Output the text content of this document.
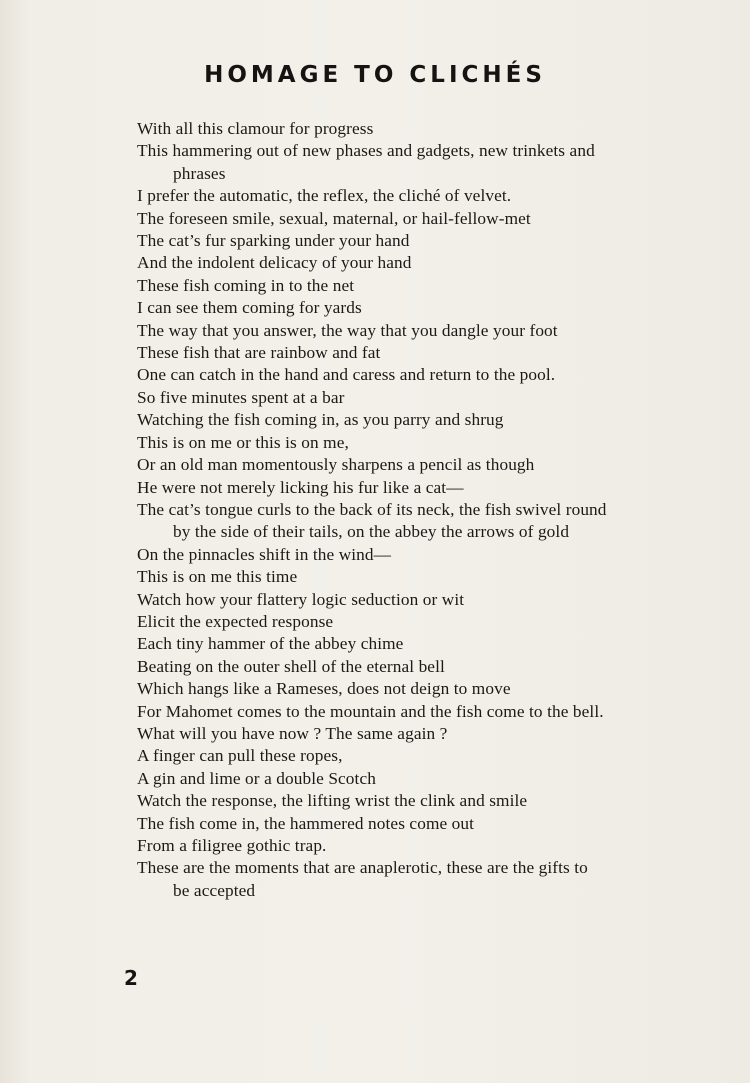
HOMAGE TO CLICHÉS
With all this clamour for progress
This hammering out of new phases and gadgets, new trinkets and
phrases
I prefer the automatic, the reflex, the cliché of velvet.
The foreseen smile, sexual, maternal, or hail-fellow-met
The cat’s fur sparking under your hand
And the indolent delicacy of your hand
These fish coming in to the net
I can see them coming for yards
The way that you answer, the way that you dangle your foot
These fish that are rainbow and fat
One can catch in the hand and caress and return to the pool.
So five minutes spent at a bar
Watching the fish coming in, as you parry and shrug
This is on me or this is on me,
Or an old man momentously sharpens a pencil as though
He were not merely licking his fur like a cat—
The cat’s tongue curls to the back of its neck, the fish swivel round
by the side of their tails, on the abbey the arrows of gold
On the pinnacles shift in the wind—
This is on me this time
Watch how your flattery logic seduction or wit
Elicit the expected response
Each tiny hammer of the abbey chime
Beating on the outer shell of the eternal bell
Which hangs like a Rameses, does not deign to move
For Mahomet comes to the mountain and the fish come to the bell.
What will you have now ? The same again ?
A finger can pull these ropes,
A gin and lime or a double Scotch
Watch the response, the lifting wrist the clink and smile
The fish come in, the hammered notes come out
From a filigree gothic trap.
These are the moments that are anaplerotic, these are the gifts to
be accepted
2
